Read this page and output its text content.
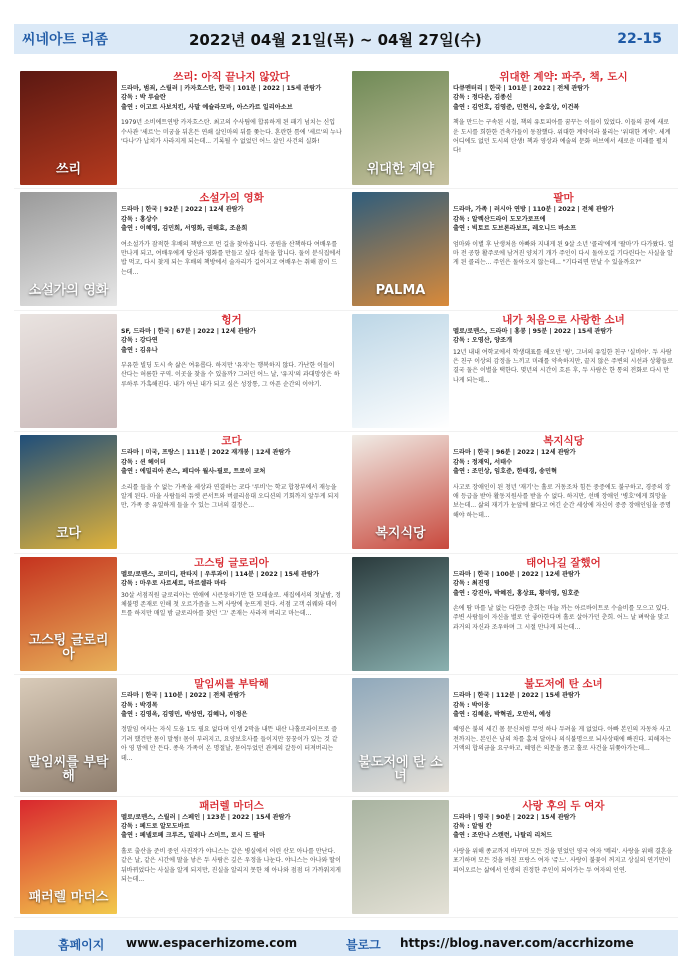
씨네아트 리좀	2022년 04월 21일(목) ~ 04월 27일(수)	22-15
쓰리
쓰리: 아직 끝나지 않았다
드라마, 범죄, 스릴러 | 카자흐스탄, 한국 | 101분 | 2022 | 15세 관람가
감독 : 박 루슬란
출연 : 이고르 사보치킨, 사말 예슐라모바, 아스카르 일리아소브
1979년 소비에트연방 카자흐스탄. 최고의 수사팀에 합류하게 된 패기 넘치는 신입 수사관 '세르'는 미궁을 뒤흔든 연쇄 살인마의 뒤를 쫓는다. 혼란한 틈에 '세르'의 누나 '다나'가 납치가 사라지게 되는데... 기록될 수 없었던 어느 살인 사건의 실화!
위대한 계약
위대한 계약: 파주, 책, 도시
다큐멘터리 | 한국 | 101분 | 2022 | 전체 관람가
감독 : 정다운, 김종신
출연 : 김언호, 김영준, 민현식, 승효상, 이건복
책을 만드는 구속된 시절, 책의 유토피아를 꿈꾸는 이들이 있었다. 이들의 꿈에 새로운 도시를 희한한 건축가들이 동참했다. 위대한 계약이라 불리는 '위대한 계약'. 세계 어디에도 없던 도시의 탄생! 책과 영상과 예술의 문화 허브에서 새로운 미래를 펼치다!
소설가의 영화
소설가의 영화
드라마 | 한국 | 92분 | 2022 | 12세 관람가
감독 : 홍상수
출연 : 이혜영, 김민희, 서영화, 권해효, 조윤희
여소설가가 잠적한 후배의 책방으로 먼 길을 찾아옵니다. 공원을 산책하다 여배우를 만나게 되고, 여배우에게 당신과 영화를 만들고 싶다 설득을 합니다. 둘이 분식집에서 밥 먹고, 다시 찾게 되는 후배의 책방에서 술자리가 길어지고 여배우는 취해 잠이 드는데...
PALMA
팔마
드라마, 가족 | 러시아 연방 | 110분 | 2022 | 전체 관람가
감독 : 알렉산드라이 도모가로프에
출연 : 빅토르 도브론라보프, 레오니드 바소프
엄마와 이별 후 난생처음 아빠와 지내게 된 9살 소년 '콜리'에게 '팔마'가 다가왔다. 얼마 전 공항 활주로에 남겨진 양치기 개가 주인이 다시 돌아오길 기다린다는 사실을 알게 된 콜리는... 주인은 돌아오지 않는데... "기다리면 만날 수 있을까요?"
헝거
SF, 드라마 | 한국 | 67분 | 2022 | 12세 관람가
감독 : 강다연
출연 : 김유나
부유한 빌딩 도시 속 삶은 여유롭다. 하지만 '유지'는 행복하지 않다. 가난한 이들이 산다는 허름한 구역. 이곳을 찾을 수 있을까? 그러던 어느 날, '유지'의 과대망상은 하루하루 가혹해진다. 내가 아닌 내가 되고 싶은 성장통, 그 아픈 순간의 이야기.
내가 처음으로 사랑한 소녀
멜로/로맨스, 드라마 | 홍콩 | 95분 | 2022 | 15세 관람가
감독 : 오영산, 양조개
12년 내내 여학교에서 학생대표를 해오던 '윙', 그녀의 유일한 친구 '실비아'. 두 사람은 친구 이상의 감정을 느끼고 미래를 약속하지만, 끝지 않은 주변의 시선과 상황들로 결국 둘은 이별을 택한다. 몇년의 시간이 흐른 후, 두 사람은 한 통의 전화로 다시 만나게 되는데...
코다
코다
드라마 | 미국, 프랑스 | 111분 | 2022 재개봉 | 12세 관람가
감독 : 션 헤이더
출연 : 에밀리아 존스, 페디아 월사-필로, 트로이 코처
소리를 들을 수 없는 가족을 세상과 연결하는 코다 '루비'는 학교 합창부에서 재능을 알게 된다. 마을 사람들의 듀엣 콘서트와 버클리음대 오디션의 기회까지 앞두게 되지만, 가족 중 유일하게 들을 수 있는 그녀의 결정은...
복지식당
복지식당
드라마 | 한국 | 96분 | 2022 | 12세 관람가
감독 : 정재익, 서태수
출연 : 조민상, 임호준, 한태경, 송민혁
사고로 장애인이 된 청년 '재기'는 홀로 거동조차 힘든 중증에도 불구하고, 경증의 장애 등급을 받아 활동지원사를 받을 수 없다. 하지만, 선배 장애인 '병호'에게 희망을 보는데... 삶의 재기가 눈앞에 왔다고 여긴 순간 세상에 자신이 중증 장애인임을 증명해야 하는데...
고스팅 글로리아
고스팅 글로리아
멜로/로맨스, 코미디, 판타지 | 우루과이 | 114분 | 2022 | 15세 관람가
감독 : 마우로 사르세르, 마르셀라 마타
30살 서점직원 글로리아는 연애에 시큰둥하기만 한 모태솔로. 새집에서의 첫날밤, 정체불명 존재로 인해 첫 오르가즘을 느껴 사랑에 눈뜨게 된다. 서점 고객 쉬웨와 데이트를 하지만 매일 밤 글로리아를 찾던 '그' 존재는 사라져 버리고 마는데...
태어나길 잘했어
드라마 | 한국 | 100분 | 2022 | 12세 관람가
감독 : 최진영
출연 : 강진아, 박혜진, 홍상표, 황미영, 임호준
손에 땀 마를 날 없는 다한증 춘희는 마늘 까는 아르바이트로 수술비를 모으고 있다. 주변 사람들이 자신을 별로 안 좋아한다며 홀로 살아가던 춘희. 어느 날 벼락을 맞고 과거의 자신과 조우하며 그 시절 만나게 되는데...
말임씨를 부탁해
말임씨를 부탁해
드라마 | 한국 | 110분 | 2022 | 전체 관람가
감독 : 박경목
출연 : 김영옥, 김영민, 박성연, 김혜나, 이정은
정말임 여사는 자식 도움 1도 필요 없다며 인생 2막을 내뜬 내산 나홀로라이프로 즐기려 했건만 몸이 말썽! 몸이 부러지고, 요양보호사를 들이지만 꿍꿍이가 있는 것 같아 영 맘에 안 든다. 종욱 가족이 온 명절날, 묻어두었던 관계의 갈등이 터져버리는데...	불도저에 탄 소녀
불도저에 탄 소녀
드라마 | 한국 | 112분 | 2022 | 15세 관람가
감독 : 박이웅
출연 : 김혜윤, 박혁권, 오만석, 예성
혜영은 불의 세긴 몸 문신처럼 무엇 하나 두려울 게 없었다. 아빠 본인의 자동차 사고 전까지는. 본인은 남의 차를 훔쳐 달아나 의식불명으로 뇌사상태에 빠진다. 피해자는 거액의 합의금을 요구하고, 혜영은 의문을 품고 홀로 사건을 뒤쫓아가는데...
패러렐 마더스
패러렐 마더스
멜로/로맨스, 스릴러 | 스페인 | 123분 | 2022 | 15세 관람가
감독 : 페드로 알모도바르
출연 : 페넬로페 크루즈, 밀레나 스미트, 로시 드 팔마
홀로 출산을 준비 중인 사진작가 야니스는 같은 병실에서 어린 산모 아나를 만난다. 같은 날, 같은 시간에 딸을 낳은 두 사람은 깊은 우정을 나눈다. 야니스는 아나와 딸이 뒤바뀌었다는 사실을 알게 되지만, 진실을 알리지 못한 채 아나와 점점 더 가까워지게 되는데...
사랑 후의 두 여자
드라마 | 영국 | 90분 | 2022 | 15세 관람가
감독 : 알림 칸
출연 : 조안나 스캔런, 나탈리 리처드
사랑을 위해 종교까지 바꾸며 모든 것을 믿었던 영국 여자 '메리'. 사랑을 위해 결혼을 포기하며 모든 것을 바친 프랑스 여자 '쥬느'. 사랑이 불꽃이 꺼지고 상실의 연기만이 피어오르는 삶에서 인생의 진정한 주인이 되어가는 두 여자의 인연.
홈페이지 www.espacerhizome.com	블로그 https://blog.naver.com/accrhizome
